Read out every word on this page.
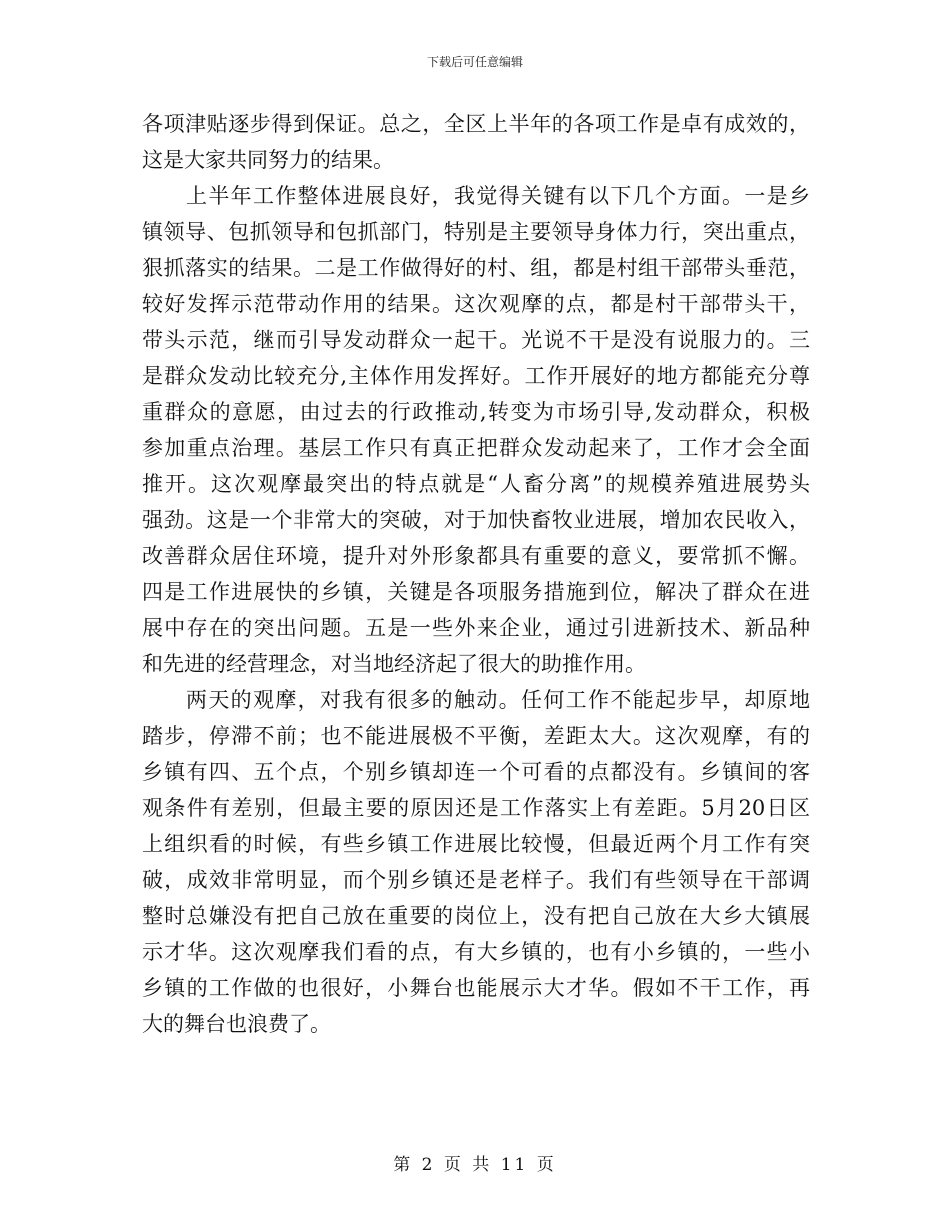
下载后可任意编辑
各项津贴逐步得到保证。总之，全区上半年的各项工作是卓有成效的，
这是大家共同努力的结果。
上半年工作整体进展良好，我觉得关键有以下几个方面。一是乡
镇领导、包抓领导和包抓部门，特别是主要领导身体力行，突出重点，
狠抓落实的结果。二是工作做得好的村、组，都是村组干部带头垂范，
较好发挥示范带动作用的结果。这次观摩的点，都是村干部带头干，
带头示范，继而引导发动群众一起干。光说不干是没有说服力的。三
是群众发动比较充分,主体作用发挥好。工作开展好的地方都能充分尊
重群众的意愿，由过去的行政推动,转变为市场引导,发动群众，积极
参加重点治理。基层工作只有真正把群众发动起来了，工作才会全面
推开。这次观摩最突出的特点就是“人畜分离”的规模养殖进展势头
强劲。这是一个非常大的突破，对于加快畜牧业进展，增加农民收入，
改善群众居住环境，提升对外形象都具有重要的意义，要常抓不懈。
四是工作进展快的乡镇，关键是各项服务措施到位，解决了群众在进
展中存在的突出问题。五是一些外来企业，通过引进新技术、新品种
和先进的经营理念，对当地经济起了很大的助推作用。
两天的观摩，对我有很多的触动。任何工作不能起步早，却原地
踏步，停滞不前；也不能进展极不平衡，差距太大。这次观摩，有的
乡镇有四、五个点，个别乡镇却连一个可看的点都没有。乡镇间的客
观条件有差别，但最主要的原因还是工作落实上有差距。5月20日区
上组织看的时候，有些乡镇工作进展比较慢，但最近两个月工作有突
破，成效非常明显，而个别乡镇还是老样子。我们有些领导在干部调
整时总嫌没有把自己放在重要的岗位上，没有把自己放在大乡大镇展
示才华。这次观摩我们看的点，有大乡镇的，也有小乡镇的，一些小
乡镇的工作做的也很好，小舞台也能展示大才华。假如不干工作，再
大的舞台也浪费了。
第 2 页 共 11 页
